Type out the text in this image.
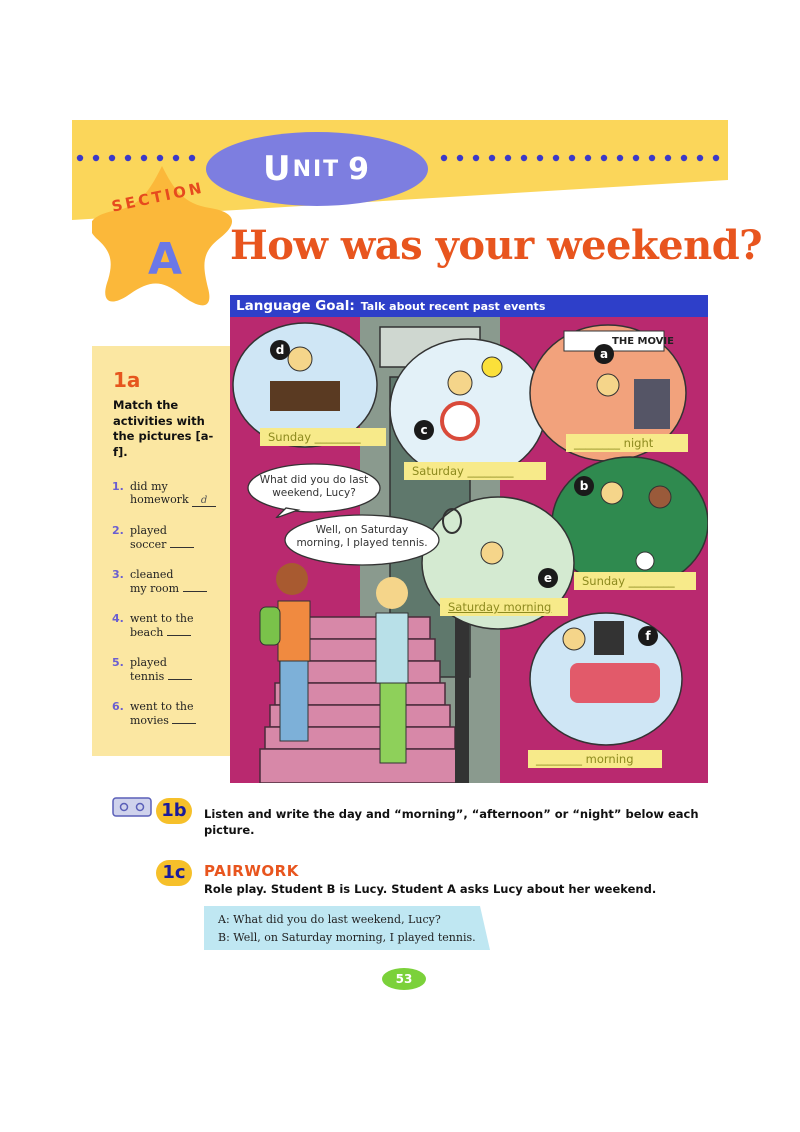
U NIT 9
SECTION
A How was your weekend?
1a
Match the activities with the pictures [a-f].
1. did my
homework d
2. played
soccer
3. cleaned
my room
4. went to the
beach
5. played
tennis
6. went to the
movies
Language Goal: Talk about recent past events
d
c
a
b
e
f
THE MOVIE
Sunday ________
Saturday ________
________ night
Sunday ________
Saturday morning
________ morning
What did you do last weekend, Lucy?
Well, on Saturday morning, I played tennis.
1b	Listen and write the day and “morning”, “afternoon” or “night” below each picture.
1c	PAIRWORK
Role play. Student B is Lucy. Student A asks Lucy about her weekend.
A: What did you do last weekend, Lucy?
B: Well, on Saturday morning, I played tennis.
53
